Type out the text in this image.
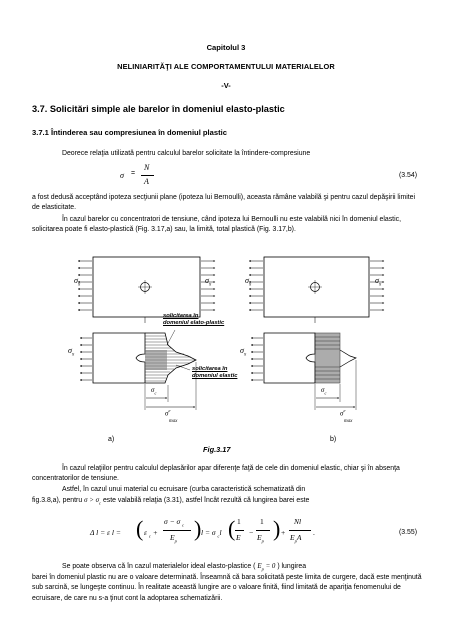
Capitolul 3
NELINIARITĂŢI ALE COMPORTAMENTULUI MATERIALELOR
-V-
3.7. Solicitări simple ale barelor în domeniul elasto-plastic
3.7.1 Întinderea sau compresiunea în domeniul plastic
Deorece relaţia utilizată pentru calculul barelor solicitate la întindere-compresiune
σ =
N
A
(3.54)
a fost dedusă acceptând ipoteza secţiunii plane (ipoteza lui Bernoulli), aceasta rămâne valabilă şi pentru cazul depăşirii limitei de elasticitate.
În cazul barelor cu concentratori de tensiune, când ipoteza lui Bernoulli nu este valabilă nici în domeniul elastic, solicitarea poate fi elasto-plastică (Fig. 3.17,a) sau, la limită, total plastică (Fig. 3.17,b).
$\sigma_x$
$\sigma_x$
$\sigma_x$
$\sigma_x$
$\sigma_x$
$\sigma_x$
solicitarea în
domeniul elato-plastic
solicitarea în
domeniul elastic
$\sigma_c$
$\sigma^e$
max
$\sigma_c$
$\sigma^e$
max
a)	b)
Fig.3.17
În cazul relaţiilor pentru calculul deplasărilor apar diferenţe faţă de cele din domeniul elastic, chiar şi în absenţa concentratorilor de tensiune.
Astfel, în cazul unui material cu ecruisare (curba caracteristică schematizată din
fig.3.8,a), pentru $\sigma > \sigma_c$ este valabilă relaţia (3.31), astfel încât rezultă că lungirea barei este
Δ l = ε l = ( ε $_c$ +
σ − σ $_c$
$E_p$ ) l = σ $_c$l ( 1
E
−
1
$E_p$ ) +
Nl
$E_pA$
.	(3.55)
Se poate observa că în cazul materialelor ideal elasto-plastice ( $E_p = 0$ ) lungirea
barei în domeniul plastic nu are o valoare determinată. Înseamnă că bara solicitată peste limita de curgere, dacă este menţinută sub sarcină, se lungeşte continuu. În realitate această lungire are o valoare finită, fiind limitată de apariţia fenomenului de ecruisare, de care nu s-a ţinut cont la adoptarea schematizării.
